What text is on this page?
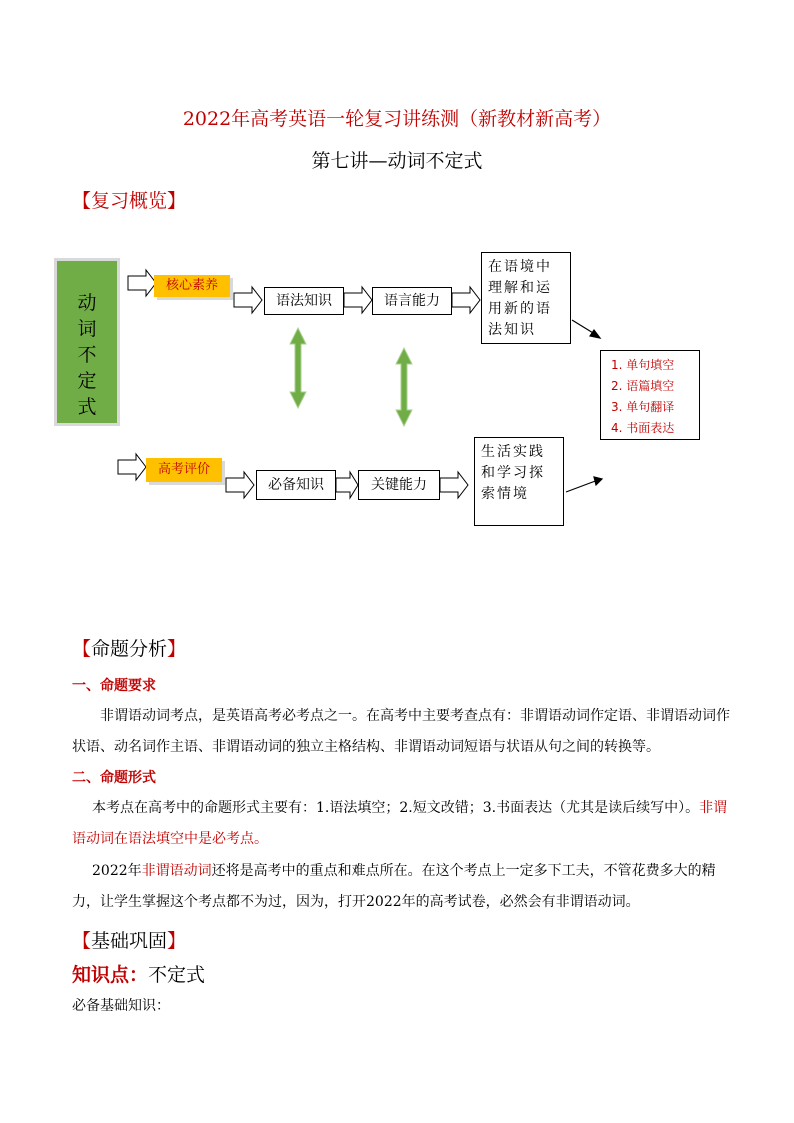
2022年高考英语一轮复习讲练测（新教材新高考）
第七讲—动词不定式
【复习概览】
动
词
不
定
式
核心素养
语法知识	语言能力
在语境中理解和运用新的语法知识
1. 单句填空
2. 语篇填空
3. 单句翻译
4. 书面表达
高考评价
必备知识	关键能力
生活实践和学习探索情境
【命题分析】
一、命题要求
非谓语动词考点，是英语高考必考点之一。在高考中主要考查点有：非谓语动词作定语、非谓语动词作状语、动名词作主语、非谓语动词的独立主格结构、非谓语动词短语与状语从句之间的转换等。
二、命题形式
本考点在高考中的命题形式主要有：1.语法填空；2.短文改错；3.书面表达（尤其是读后续写中）。非谓语动词在语法填空中是必考点。
2022年非谓语动词还将是高考中的重点和难点所在。在这个考点上一定多下工夫，不管花费多大的精力，让学生掌握这个考点都不为过，因为，打开2022年的高考试卷，必然会有非谓语动词。
【基础巩固】
知识点：不定式
必备基础知识：
